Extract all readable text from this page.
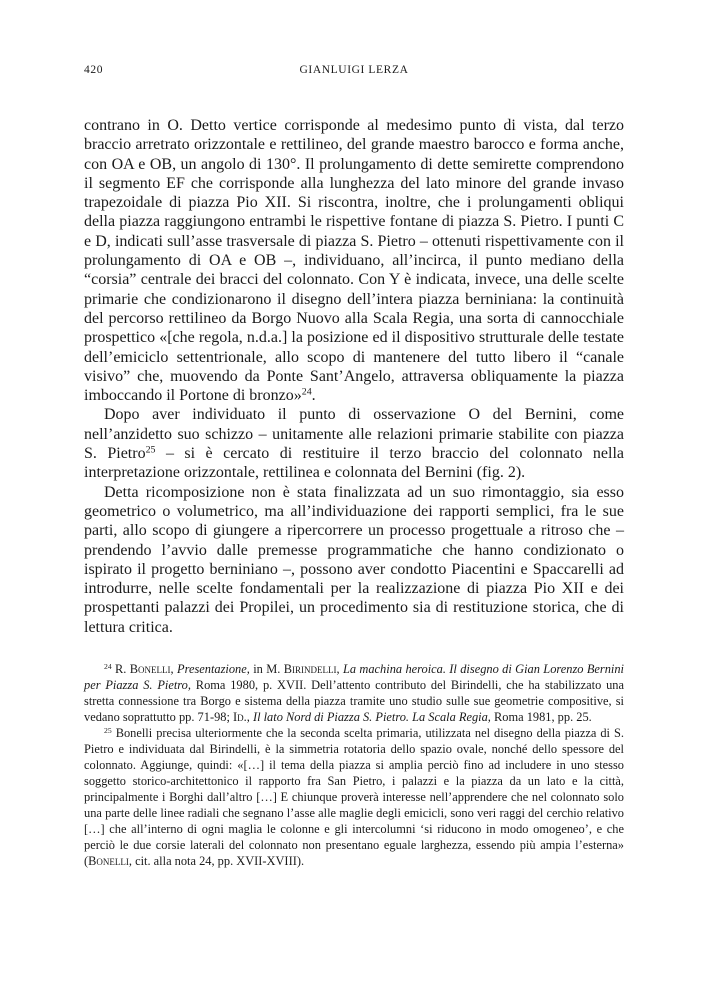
420	GIANLUIGI LERZA

contrano in O. Detto vertice corrisponde al medesimo punto di vista, dal terzo braccio arretrato orizzontale e rettilineo, del grande maestro barocco e forma anche, con OA e OB, un angolo di 130°. Il prolungamento di dette semirette comprendono il segmento EF che corrisponde alla lunghezza del lato minore del grande invaso trapezoidale di piazza Pio XII. Si riscontra, inoltre, che i prolungamenti obliqui della piazza raggiungono entrambi le rispettive fontane di piazza S. Pietro. I punti C e D, indicati sull’asse trasversale di piazza S. Pietro – ottenuti rispettivamente con il prolungamento di OA e OB –, individuano, all’incirca, il punto mediano della “corsia” centrale dei bracci del colonnato. Con Y è indicata, invece, una delle scelte primarie che condizionarono il disegno dell’intera piazza berniniana: la continuità del percorso rettilineo da Borgo Nuovo alla Scala Regia, una sorta di cannocchiale prospettico «[che regola, n.d.a.] la posizione ed il dispositivo strutturale delle testate dell’emiciclo settentrionale, allo scopo di mantenere del tutto libero il “canale visivo” che, muovendo da Ponte Sant’Angelo, attraversa obliquamente la piazza imboccando il Portone di bronzo»$^{24}$.

Dopo aver individuato il punto di osservazione O del Bernini, come nell’anzidetto suo schizzo – unitamente alle relazioni primarie stabilite con piazza S. Pietro$^{25}$ – si è cercato di restituire il terzo braccio del colonnato nella interpretazione orizzontale, rettilinea e colonnata del Bernini (fig. 2).

Detta ricomposizione non è stata finalizzata ad un suo rimontaggio, sia esso geometrico o volumetrico, ma all’individuazione dei rapporti semplici, fra le sue parti, allo scopo di giungere a ripercorrere un processo progettuale a ritroso che – prendendo l’avvio dalle premesse programmatiche che hanno condizionato o ispirato il progetto berniniano –, possono aver condotto Piacentini e Spaccarelli ad introdurre, nelle scelte fondamentali per la realizzazione di piazza Pio XII e dei prospettanti palazzi dei Propilei, un procedimento sia di restituzione storica, che di lettura critica.

$^{24}$ R. Bonelli, Presentazione, in M. Birindelli, La machina heroica. Il disegno di Gian Lorenzo Bernini per Piazza S. Pietro, Roma 1980, p. XVII. Dell’attento contributo del Birindelli, che ha stabilizzato una stretta connessione tra Borgo e sistema della piazza tramite uno studio sulle sue geometrie compositive, si vedano soprattutto pp. 71-98; Id., Il lato Nord di Piazza S. Pietro. La Scala Regia, Roma 1981, pp. 25.

$^{25}$ Bonelli precisa ulteriormente che la seconda scelta primaria, utilizzata nel disegno della piazza di S. Pietro e individuata dal Birindelli, è la simmetria rotatoria dello spazio ovale, nonché dello spessore del colonnato. Aggiunge, quindi: «[…] il tema della piazza si amplia perciò fino ad includere in uno stesso soggetto storico-architettonico il rapporto fra San Pietro, i palazzi e la piazza da un lato e la città, principalmente i Borghi dall’altro […] E chiunque proverà interesse nell’apprendere che nel colonnato solo una parte delle linee radiali che segnano l’asse alle maglie degli emicicli, sono veri raggi del cerchio relativo […] che all’interno di ogni maglia le colonne e gli intercolumni ‘si riducono in modo omogeneo’, e che perciò le due corsie laterali del colonnato non presentano eguale larghezza, essendo più ampia l’esterna» (Bonelli, cit. alla nota 24, pp. XVII-XVIII).
